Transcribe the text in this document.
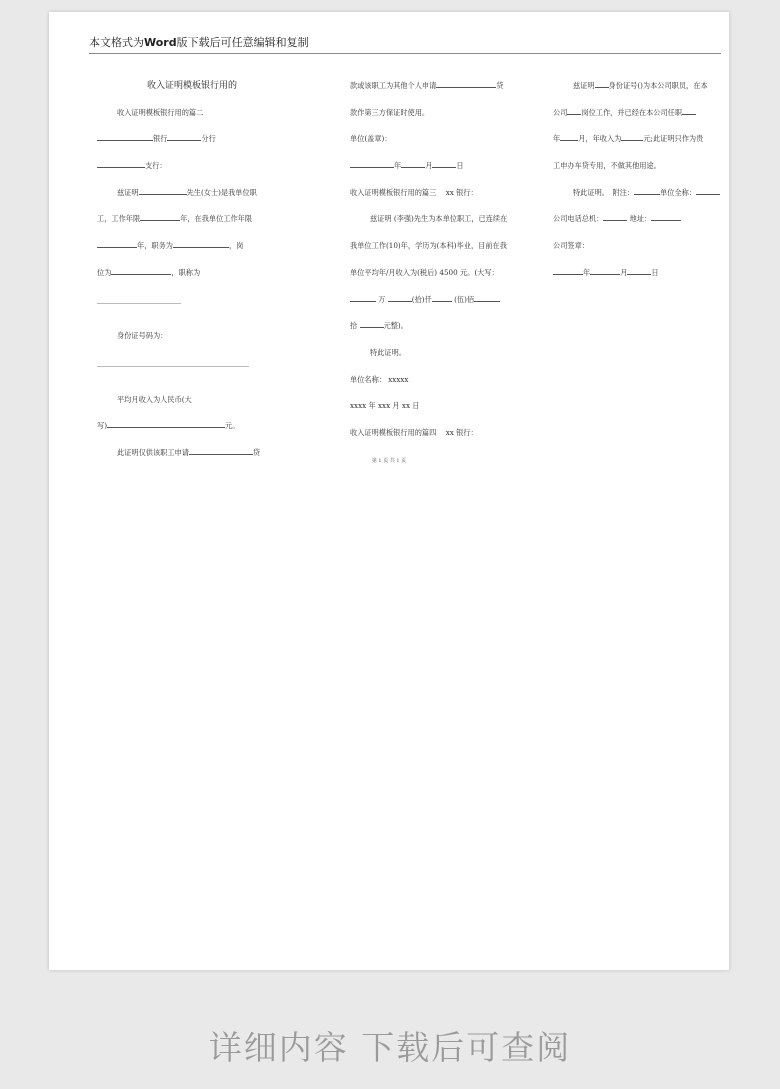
本文格式为Word版下载后可任意编辑和复制
收入证明模板银行用的
收入证明模板银行用的篇二
银行	分行
支行：
兹证明	先生(女士)是我单位职
工，工作年限	年，在我单位工作年限
年，职务为	，岗
位为	，职称为
身份证号码为：
平均月收入为人民币(大
写)	元。
此证明仅供该职工申请	贷
款或该职工为其他个人申请	贷
款作第三方保证时使用。
单位(盖章)：
年	月	日
收入证明模板银行用的篇三　 xx 银行：
兹证明 (李强)先生为本单位职工，已连续在
我单位工作(10)年，学历为(本科)毕业，目前在我
单位平均年/月收入为(税后) 4500 元。(大写：
万	(拾)仟	(伍)佰
拾	元整)。
特此证明。
单位名称： xxxxx
xxxx 年 xxx 月 xx 日
收入证明模板银行用的篇四　 xx 银行：
兹证明 身份证号()为本公司职员，在本
公司 岗位工作，并已经在本公司任职
年	月，年收入为	元;此证明只作为贵
工申办车贷专用，不做其他用途。
特此证明。　附注：	单位全称：
公司电话总机：	地址：
公司签章：
年	月	日
第 1 页 共 1 页
详细内容 下载后可查阅
